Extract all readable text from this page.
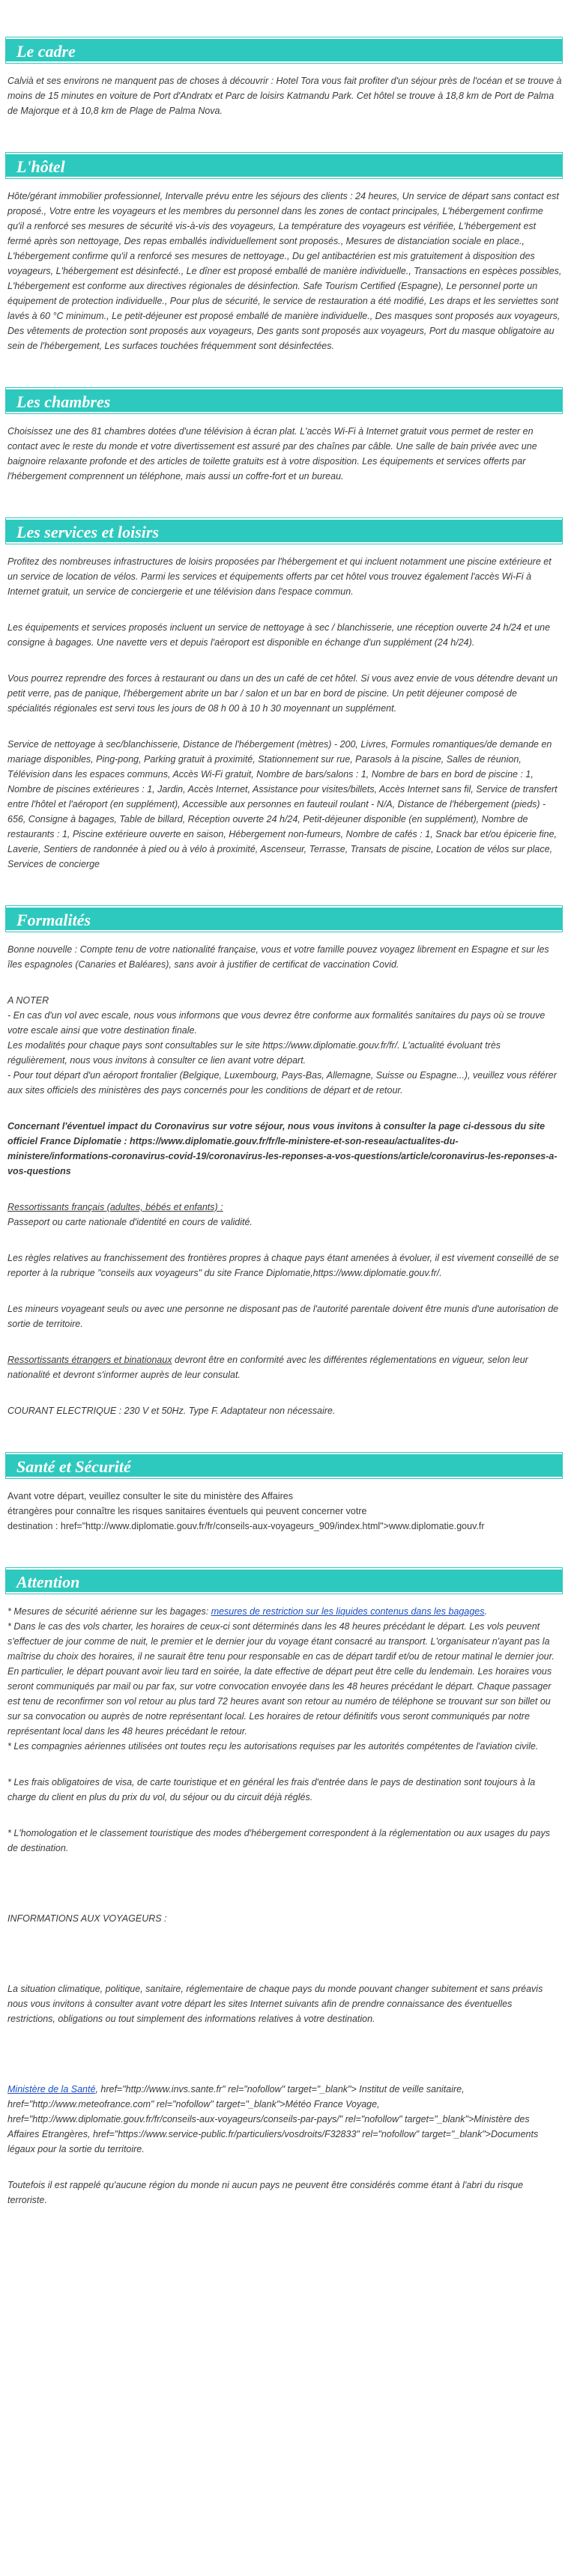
Le cadre

Calvià et ses environs ne manquent pas de choses à découvrir : Hotel Tora vous fait profiter d'un séjour près de l'océan et se trouve à moins de 15 minutes en voiture de Port d'Andratx et Parc de loisirs Katmandu Park. Cet hôtel se trouve à 18,8 km de Port de Palma de Majorque et à 10,8 km de Plage de Palma Nova.

L'hôtel

Hôte/gérant immobilier professionnel, Intervalle prévu entre les séjours des clients : 24 heures, Un service de départ sans contact est proposé., Votre entre les voyageurs et les membres du personnel dans les zones de contact principales, L'hébergement confirme qu'il a renforcé ses mesures de sécurité vis-à-vis des voyageurs, La température des voyageurs est vérifiée, L'hébergement est fermé après son nettoyage, Des repas emballés individuellement sont proposés., Mesures de distanciation sociale en place., L'hébergement confirme qu'il a renforcé ses mesures de nettoyage., Du gel antibactérien est mis gratuitement à disposition des voyageurs, L'hébergement est désinfecté., Le dîner est proposé emballé de manière individuelle., Transactions en espèces possibles, L'hébergement est conforme aux directives régionales de désinfection. Safe Tourism Certified (Espagne), Le personnel porte un équipement de protection individuelle., Pour plus de sécurité, le service de restauration a été modifié, Les draps et les serviettes sont lavés à 60 °C minimum., Le petit-déjeuner est proposé emballé de manière individuelle., Des masques sont proposés aux voyageurs, Des vêtements de protection sont proposés aux voyageurs, Des gants sont proposés aux voyageurs, Port du masque obligatoire au sein de l'hébergement, Les surfaces touchées fréquemment sont désinfectées.

Les chambres

Choisissez une des 81 chambres dotées d'une télévision à écran plat. L'accès Wi-Fi à Internet gratuit vous permet de rester en contact avec le reste du monde et votre divertissement est assuré par des chaînes par câble. Une salle de bain privée avec une baignoire relaxante profonde et des articles de toilette gratuits est à votre disposition. Les équipements et services offerts par l'hébergement comprennent un téléphone, mais aussi un coffre-fort et un bureau.

Les services et loisirs

Profitez des nombreuses infrastructures de loisirs proposées par l'hébergement et qui incluent notamment une piscine extérieure et un service de location de vélos. Parmi les services et équipements offerts par cet hôtel vous trouvez également l'accès Wi-Fi à Internet gratuit, un service de conciergerie et une télévision dans l'espace commun.

Les équipements et services proposés incluent un service de nettoyage à sec / blanchisserie, une réception ouverte 24 h/24 et une consigne à bagages. Une navette vers et depuis l'aéroport est disponible en échange d'un supplément (24 h/24).

Vous pourrez reprendre des forces à restaurant ou dans un des un café de cet hôtel. Si vous avez envie de vous détendre devant un petit verre, pas de panique, l'hébergement abrite un bar / salon et un bar en bord de piscine. Un petit déjeuner composé de spécialités régionales est servi tous les jours de 08 h 00 à 10 h 30 moyennant un supplément.

Service de nettoyage à sec/blanchisserie, Distance de l'hébergement (mètres) - 200, Livres, Formules romantiques/de demande en mariage disponibles, Ping-pong, Parking gratuit à proximité, Stationnement sur rue, Parasols à la piscine, Salles de réunion, Télévision dans les espaces communs, Accès Wi-Fi gratuit, Nombre de bars/salons : 1, Nombre de bars en bord de piscine : 1, Nombre de piscines extérieures : 1, Jardin, Accès Internet, Assistance pour visites/billets, Accès Internet sans fil, Service de transfert entre l'hôtel et l'aéroport (en supplément), Accessible aux personnes en fauteuil roulant - N/A, Distance de l'hébergement (pieds) - 656, Consigne à bagages, Table de billard, Réception ouverte 24 h/24, Petit-déjeuner disponible (en supplément), Nombre de restaurants : 1, Piscine extérieure ouverte en saison, Hébergement non-fumeurs, Nombre de cafés : 1, Snack bar et/ou épicerie fine, Laverie, Sentiers de randonnée à pied ou à vélo à proximité, Ascenseur, Terrasse, Transats de piscine, Location de vélos sur place, Services de concierge

Formalités

Bonne nouvelle : Compte tenu de votre nationalité française, vous et votre famille pouvez voyagez librement en Espagne et sur les îles espagnoles (Canaries et Baléares), sans avoir à justifier de certificat de vaccination Covid.

A NOTER
- En cas d'un vol avec escale, nous vous informons que vous devrez être conforme aux formalités sanitaires du pays où se trouve votre escale ainsi que votre destination finale.
Les modalités pour chaque pays sont consultables sur le site https://www.diplomatie.gouv.fr/fr/. L'actualité évoluant très régulièrement, nous vous invitons à consulter ce lien avant votre départ.
- Pour tout départ d'un aéroport frontalier (Belgique, Luxembourg, Pays-Bas, Allemagne, Suisse ou Espagne...), veuillez vous référer aux sites officiels des ministères des pays concernés pour les conditions de départ et de retour.

Concernant l'éventuel impact du Coronavirus sur votre séjour, nous vous invitons à consulter la page ci-dessous du site officiel France Diplomatie : https://www.diplomatie.gouv.fr/fr/le-ministere-et-son-reseau/actualites-du-ministere/informations-coronavirus-covid-19/coronavirus-les-reponses-a-vos-questions/article/coronavirus-les-reponses-a-vos-questions

Ressortissants français (adultes, bébés et enfants) :
Passeport ou carte nationale d'identité en cours de validité.

Les règles relatives au franchissement des frontières propres à chaque pays étant amenées à évoluer, il est vivement conseillé de se reporter à la rubrique "conseils aux voyageurs" du site France Diplomatie,https://www.diplomatie.gouv.fr/.

Les mineurs voyageant seuls ou avec une personne ne disposant pas de l'autorité parentale doivent être munis d'une autorisation de sortie de territoire.

Ressortissants étrangers et binationaux devront être en conformité avec les différentes réglementations en vigueur, selon leur nationalité et devront s'informer auprès de leur consulat.

COURANT ELECTRIQUE : 230 V et 50Hz. Type F. Adaptateur non nécessaire.

Santé et Sécurité

Avant votre départ, veuillez consulter le site du ministère des Affaires
étrangères pour connaître les risques sanitaires éventuels qui peuvent concerner votre
destination : href="http://www.diplomatie.gouv.fr/fr/conseils-aux-voyageurs_909/index.html">www.diplomatie.gouv.fr

Attention

* Mesures de sécurité aérienne sur les bagages: mesures de restriction sur les liquides contenus dans les bagages.
* Dans le cas des vols charter, les horaires de ceux-ci sont déterminés dans les 48 heures précédant le départ. Les vols peuvent s'effectuer de jour comme de nuit, le premier et le dernier jour du voyage étant consacré au transport. L'organisateur n'ayant pas la maîtrise du choix des horaires, il ne saurait être tenu pour responsable en cas de départ tardif et/ou de retour matinal le dernier jour. En particulier, le départ pouvant avoir lieu tard en soirée, la date effective de départ peut être celle du lendemain. Les horaires vous seront communiqués par mail ou par fax, sur votre convocation envoyée dans les 48 heures précédant le départ. Chaque passager est tenu de reconfirmer son vol retour au plus tard 72 heures avant son retour au numéro de téléphone se trouvant sur son billet ou sur sa convocation ou auprès de notre représentant local. Les horaires de retour définitifs vous seront communiqués par notre représentant local dans les 48 heures précédant le retour.
* Les compagnies aériennes utilisées ont toutes reçu les autorisations requises par les autorités compétentes de l'aviation civile.

* Les frais obligatoires de visa, de carte touristique et en général les frais d'entrée dans le pays de destination sont toujours à la charge du client en plus du prix du vol, du séjour ou du circuit déjà réglés.

* L'homologation et le classement touristique des modes d'hébergement correspondent à la réglementation ou aux usages du pays de destination.

INFORMATIONS AUX VOYAGEURS :

La situation climatique, politique, sanitaire, réglementaire de chaque pays du monde pouvant changer subitement et sans préavis
nous vous invitons à consulter avant votre départ les sites Internet suivants afin de prendre connaissance des éventuelles restrictions, obligations ou tout simplement des informations relatives à votre destination.

Ministère de la Santé, href="http://www.invs.sante.fr" rel="nofollow" target="_blank"> Institut de veille sanitaire, href="http://www.meteofrance.com" rel="nofollow" target="_blank">Météo France Voyage, href="http://www.diplomatie.gouv.fr/fr/conseils-aux-voyageurs/conseils-par-pays/" rel="nofollow" target="_blank">Ministère des Affaires Etrangères, href="https://www.service-public.fr/particuliers/vosdroits/F32833" rel="nofollow" target="_blank">Documents légaux pour la sortie du territoire.

Toutefois il est rappelé qu'aucune région du monde ni aucun pays ne peuvent être considérés comme étant à l'abri du risque terroriste.
